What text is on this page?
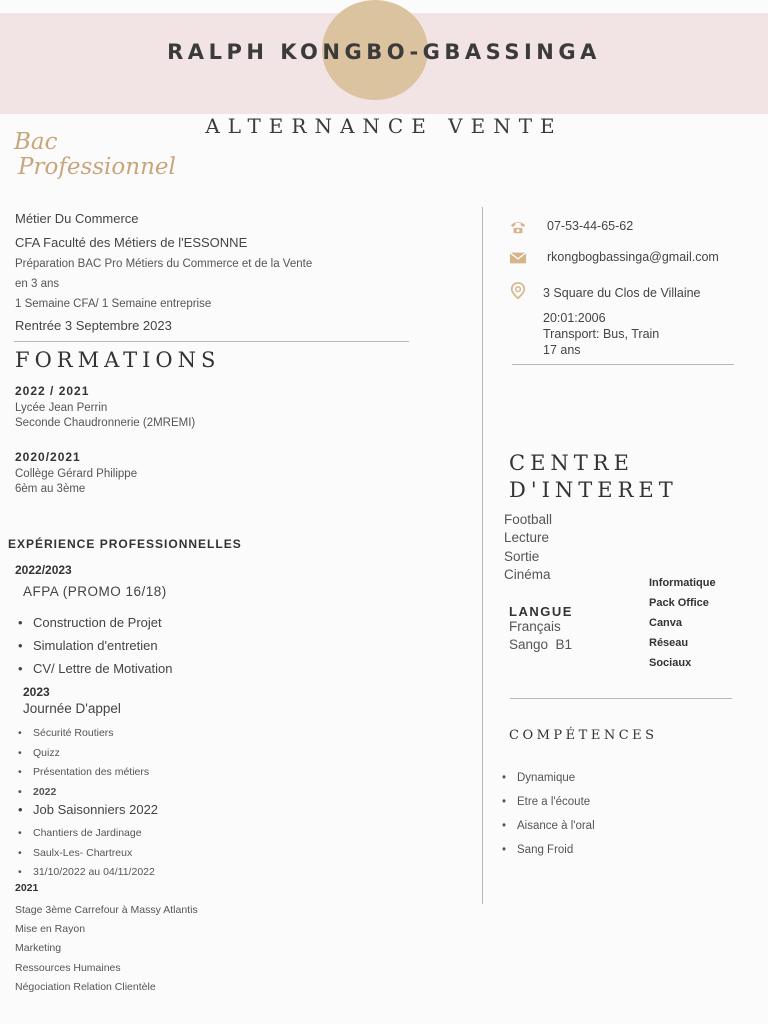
RALPH KONGBO-GBASSINGA
ALTERNANCE VENTE
Bac
Professionnel
Métier Du Commerce
CFA Faculté des Métiers de l'ESSONNE
Préparation BAC Pro Métiers du Commerce et de la Vente
en 3 ans
1 Semaine CFA/ 1 Semaine entreprise
Rentrée 3 Septembre 2023
FORMATIONS
2022 / 2021
Lycée Jean Perrin
Seconde Chaudronnerie (2MREMI)
2020/2021
Collège Gérard Philippe
6èm au 3ème
EXPÉRIENCE PROFESSIONNELLES
2022/2023
AFPA (PROMO 16/18)
• Construction de Projet
• Simulation d'entretien
• CV/ Lettre de Motivation
2023
Journée D'appel
• Sécurité Routiers
• Quizz
• Présentation des métiers
• 2022
• Job Saisonniers 2022
• Chantiers de Jardinage
• Saulx-Les- Chartreux
• 31/10/2022 au 04/11/2022
2021
Stage 3ème Carrefour à Massy Atlantis
Mise en Rayon
Marketing
Ressources Humaines
Négociation Relation Clientèle
07-53-44-65-62
rkongbogbassinga@gmail.com
3 Square du Clos de Villaine
20:01:2006
Transport: Bus, Train
17 ans
CENTRE
D'INTERET
Football
Lecture
Sortie
Cinéma
LANGUE
Français
Sango  B1
Informatique
Pack Office
Canva
Réseau
Sociaux
COMPÉTENCES
• Dynamique
• Etre a l'écoute
• Aisance à l'oral
• Sang Froid
